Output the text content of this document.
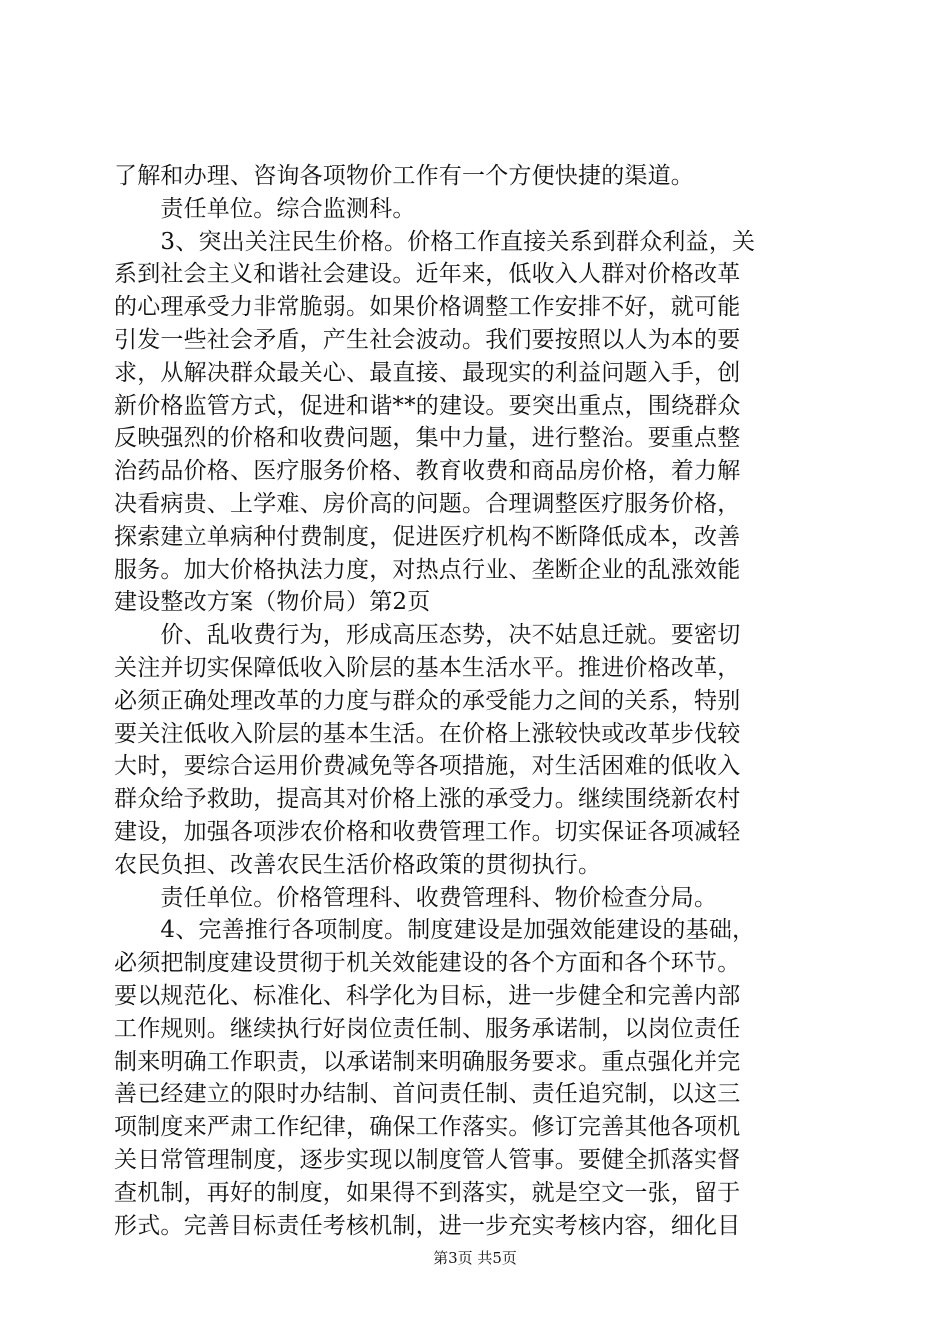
了解和办理、咨询各项物价工作有一个方便快捷的渠道。
　　责任单位。综合监测科。
　　3、突出关注民生价格。价格工作直接关系到群众利益，关
系到社会主义和谐社会建设。近年来，低收入人群对价格改革
的心理承受力非常脆弱。如果价格调整工作安排不好，就可能
引发一些社会矛盾，产生社会波动。我们要按照以人为本的要
求，从解决群众最关心、最直接、最现实的利益问题入手，创
新价格监管方式，促进和谐**的建设。要突出重点，围绕群众
反映强烈的价格和收费问题，集中力量，进行整治。要重点整
治药品价格、医疗服务价格、教育收费和商品房价格，着力解
决看病贵、上学难、房价高的问题。合理调整医疗服务价格，
探索建立单病种付费制度，促进医疗机构不断降低成本，改善
服务。加大价格执法力度，对热点行业、垄断企业的乱涨效能
建设整改方案（物价局）第2页
　　价、乱收费行为，形成高压态势，决不姑息迁就。要密切
关注并切实保障低收入阶层的基本生活水平。推进价格改革，
必须正确处理改革的力度与群众的承受能力之间的关系，特别
要关注低收入阶层的基本生活。在价格上涨较快或改革步伐较
大时，要综合运用价费减免等各项措施，对生活困难的低收入
群众给予救助，提高其对价格上涨的承受力。继续围绕新农村
建设，加强各项涉农价格和收费管理工作。切实保证各项减轻
农民负担、改善农民生活价格政策的贯彻执行。
　　责任单位。价格管理科、收费管理科、物价检查分局。
　　4、完善推行各项制度。制度建设是加强效能建设的基础，
必须把制度建设贯彻于机关效能建设的各个方面和各个环节。
要以规范化、标准化、科学化为目标，进一步健全和完善内部
工作规则。继续执行好岗位责任制、服务承诺制，以岗位责任
制来明确工作职责，以承诺制来明确服务要求。重点强化并完
善已经建立的限时办结制、首问责任制、责任追究制，以这三
项制度来严肃工作纪律，确保工作落实。修订完善其他各项机
关日常管理制度，逐步实现以制度管人管事。要健全抓落实督
查机制，再好的制度，如果得不到落实，就是空文一张，留于
形式。完善目标责任考核机制，进一步充实考核内容，细化目
第3页 共5页
